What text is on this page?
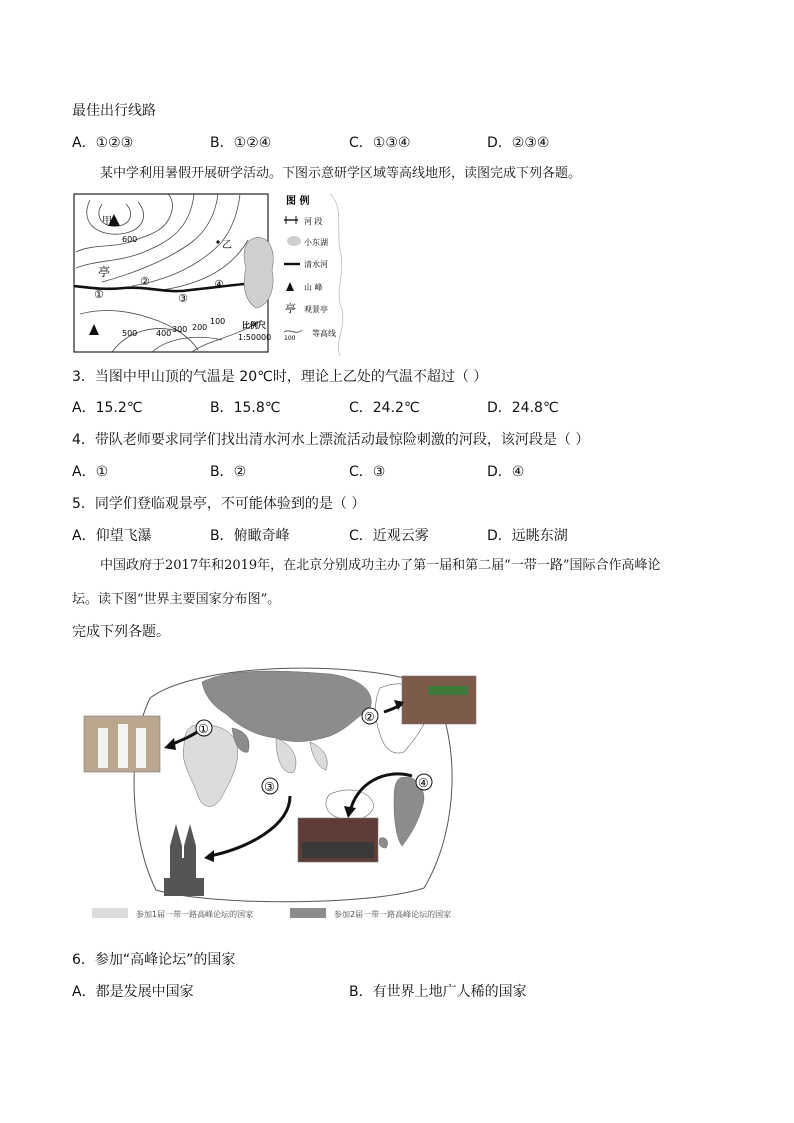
最佳出行线路
A．①②③	B．①②④	C．①③④	D．②③④
某中学利用暑假开展研学活动。下图示意研学区域等高线地形，读图完成下列各题。
甲
乙
亭
①
②
③
④
600
500 400 300 200
100 比例尺
1:50000
图 例
河 段
小东湖
清水河
山 峰
亭 观景亭
100
等高线
3．当图中甲山顶的气温是 20℃时，理论上乙处的气温不超过（ ）
A．15.2℃	B．15.8℃	C．24.2℃	D．24.8℃
4．带队老师要求同学们找出清水河水上漂流活动最惊险刺激的河段，该河段是（ ）
A．①	B．②	C．③	D．④
5．同学们登临观景亭，不可能体验到的是（ ）
A．仰望飞瀑	B．俯瞰奇峰	C．近观云雾	D．远眺东湖
中国政府于2017年和2019年，在北京分别成功主办了第一届和第二届“一带一路”国际合作高峰论
坛。读下图“世界主要国家分布图”。
完成下列各题。
①
②
③	④
参加1届一带一路高峰论坛的国家	参加2届一带一路高峰论坛的国家
6．参加“高峰论坛”的国家
A．都是发展中国家	B．有世界上地广人稀的国家
